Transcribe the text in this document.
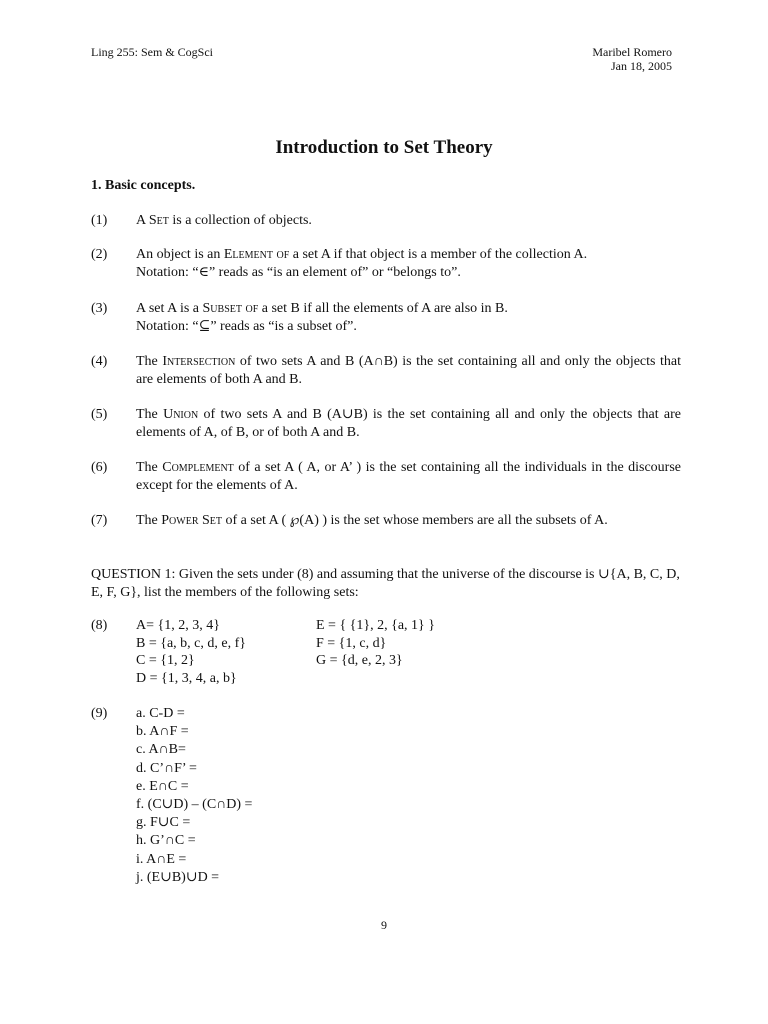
Ling 255: Sem & CogSci	Maribel Romero
Jan 18, 2005
Introduction to Set Theory
1. Basic concepts.
(1) A Set is a collection of objects.
(2) An object is an Element of a set A if that object is a member of the collection A.
Notation: “∈” reads as “is an element of” or “belongs to”.
(3) A set A is a Subset of a set B if all the elements of A are also in B.
Notation: “⊆” reads as “is a subset of”.
(4) The Intersection of two sets A and B (A∩B) is the set containing all and only the objects that are elements of both A and B.
(5) The Union of two sets A and B (A∪B) is the set containing all and only the objects that are elements of A, of B, or of both A and B.
(6) The Complement of a set A ( A, or A’ ) is the set containing all the individuals in the discourse except for the elements of A.
(7) The Power Set of a set A ( ℘(A) ) is the set whose members are all the subsets of A.
QUESTION 1: Given the sets under (8) and assuming that the universe of the discourse is ∪{A, B, C, D, E, F, G}, list the members of the following sets:
(8) A= {1, 2, 3, 4}
B = {a, b, c, d, e, f}
C = {1, 2}
D = {1, 3, 4, a, b}
E = { {1}, 2, {a, 1} }
F = {1, c, d}
G = {d, e, 2, 3}
(9) a. C-D =
b. A∩F =
c. A∩B=
d. C’∩F’ =
e. E∩C =
f. (C∪D) – (C∩D) =
g. F∪C =
h. G’∩C =
i. A∩E =
j. (E∪B)∪D =
9
